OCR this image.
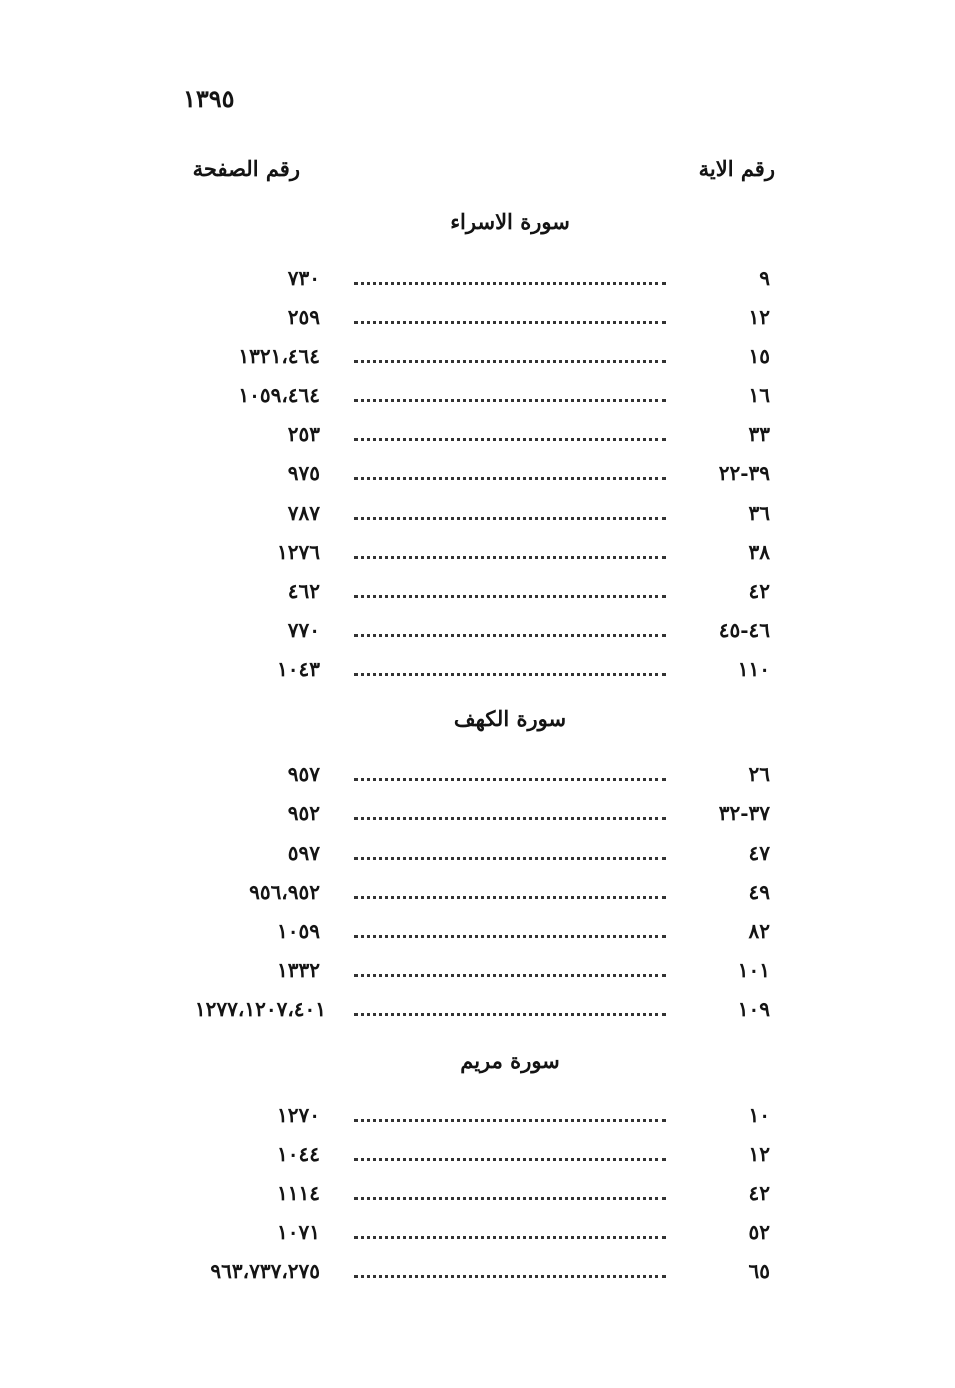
١٣٩٥
رقم الاية
رقم الصفحة
سورة الاسراء
٩
٧٣٠
١٢
٢٥٩
١٥
١٣٢١،٤٦٤
١٦
١٠٥٩،٤٦٤
٣٣
٢٥٣
٣٩-٢٢
٩٧٥
٣٦
٧٨٧
٣٨
١٢٧٦
٤٢
٤٦٢
٤٦-٤٥
٧٧٠
١١٠
١٠٤٣
سورة الكهف
٢٦
٩٥٧
٣٧-٣٢
٩٥٢
٤٧
٥٩٧
٤٩
٩٥٦،٩٥٢
٨٢
١٠٥٩
١٠١
١٣٣٢
١٠٩
١٢٧٧،١٢٠٧،٤٠١
سورة مريم
١٠
١٢٧٠
١٢
١٠٤٤
٤٢
١١١٤
٥٢
١٠٧١
٦٥
٩٦٣،٧٣٧،٢٧٥
